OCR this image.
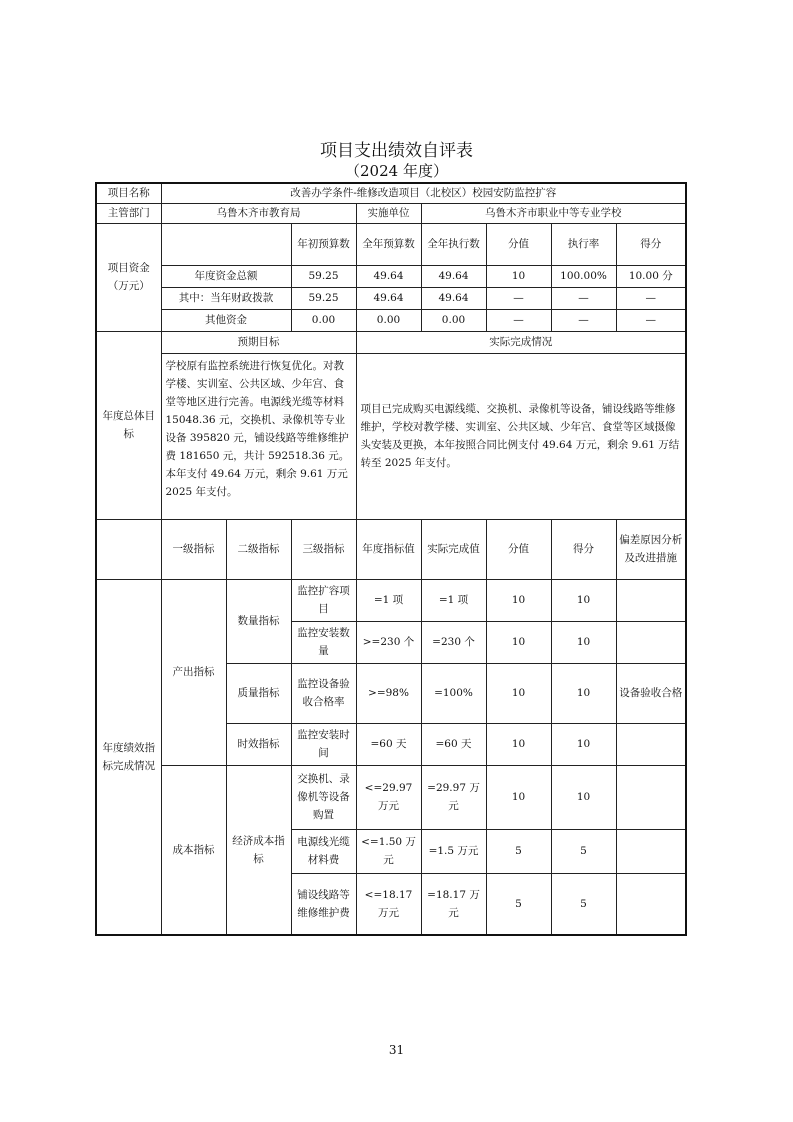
项目支出绩效自评表
（2024 年度）
项目名称	改善办学条件-维修改造项目（北校区）校园安防监控扩容							
主管部门	乌鲁木齐市教育局			实施单位	乌鲁木齐市职业中等专业学校			
项目资金（万元）			年初预算数	全年预算数	全年执行数	分值	执行率	得分
	年度资金总额		59.25	49.64	49.64	10	100.00%	10.00 分
	其中：当年财政拨款		59.25	49.64	49.64	—	—	—
	其他资金		0.00	0.00	0.00	—	—	—
年度总体目标	预期目标			实际完成情况				
	学校原有监控系统进行恢复优化。对教学楼、实训室、公共区域、少年宫、食堂等地区进行完善。电源线光缆等材料 15048.36 元，交换机、录像机等专业设备 395820 元，铺设线路等维修维护费 181650 元，共计 592518.36 元。本年支付 49.64 万元，剩余 9.61 万元 2025 年支付。			项目已完成购买电源线缆、交换机、录像机等设备，铺设线路等维修维护，学校对教学楼、实训室、公共区域、少年宫、食堂等区域摄像头安装及更换，本年按照合同比例支付 49.64 万元，剩余 9.61 万结转至 2025 年支付。				
	一级指标	二级指标	三级指标	年度指标值	实际完成值	分值	得分	偏差原因分析及改进措施
年度绩效指标完成情况	产出指标	数量指标	监控扩容项目	=1 项	=1 项	10	10	
			监控安装数量	>=230 个	=230 个	10	10	
		质量指标	监控设备验收合格率	>=98%	=100%	10	10	设备验收合格
		时效指标	监控安装时间	=60 天	=60 天	10	10	
	成本指标	经济成本指标	交换机、录像机等设备购置	<=29.97 万元	=29.97 万元	10	10	
			电源线光缆材料费	<=1.50 万元	=1.5 万元	5	5	
			铺设线路等维修维护费	<=18.17 万元	=18.17 万元	5	5	
31
